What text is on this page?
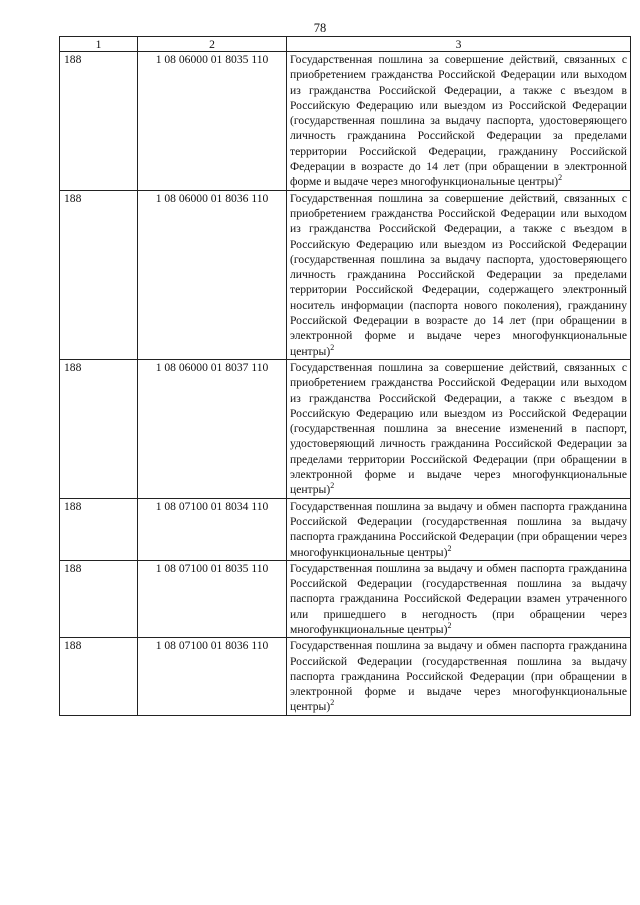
78
1	2	3
188	1 08 06000 01 8035 110	Государственная пошлина за совершение действий, связанных с приобретением гражданства Российской Федерации или выходом из гражданства Российской Федерации, а также с въездом в Российскую Федерацию или выездом из Российской Федерации (государственная пошлина за выдачу паспорта, удостоверяющего личность гражданина Российской Федерации за пределами территории Российской Федерации, гражданину Российской Федерации в возрасте до 14 лет (при обращении в электронной форме и выдаче через многофункциональные центры)$^2$
188	1 08 06000 01 8036 110	Государственная пошлина за совершение действий, связанных с приобретением гражданства Российской Федерации или выходом из гражданства Российской Федерации, а также с въездом в Российскую Федерацию или выездом из Российской Федерации (государственная пошлина за выдачу паспорта, удостоверяющего личность гражданина Российской Федерации за пределами территории Российской Федерации, содержащего электронный носитель информации (паспорта нового поколения), гражданину Российской Федерации в возрасте до 14 лет (при обращении в электронной форме и выдаче через многофункциональные центры)$^2$
188	1 08 06000 01 8037 110	Государственная пошлина за совершение действий, связанных с приобретением гражданства Российской Федерации или выходом из гражданства Российской Федерации, а также с въездом в Российскую Федерацию или выездом из Российской Федерации (государственная пошлина за внесение изменений в паспорт, удостоверяющий личность гражданина Российской Федерации за пределами территории Российской Федерации (при обращении в электронной форме и выдаче через многофункциональные центры)$^2$
188	1 08 07100 01 8034 110	Государственная пошлина за выдачу и обмен паспорта гражданина Российской Федерации (государственная пошлина за выдачу паспорта гражданина Российской Федерации (при обращении через многофункциональные центры)$^2$
188	1 08 07100 01 8035 110	Государственная пошлина за выдачу и обмен паспорта гражданина Российской Федерации (государственная пошлина за выдачу паспорта гражданина Российской Федерации взамен утраченного или пришедшего в негодность (при обращении через многофункциональные центры)$^2$
188	1 08 07100 01 8036 110	Государственная пошлина за выдачу и обмен паспорта гражданина Российской Федерации (государственная пошлина за выдачу паспорта гражданина Российской Федерации (при обращении в электронной форме и выдаче через многофункциональные центры)$^2$
